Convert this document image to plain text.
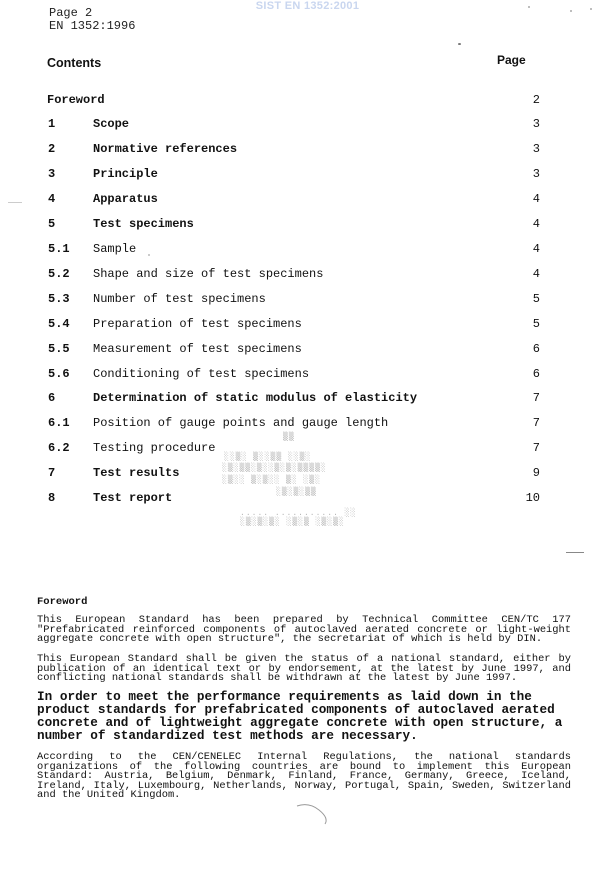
SIST EN 1352:2001
Page 2
EN 1352:1996
Contents	Page
Foreword	2
1	Scope	3
2	Normative references	3
3	Principle	3
4	Apparatus	4
5	Test specimens	4
5.1 Sample	4
5.2 Shape and size of test specimens	4
5.3 Number of test specimens	5
5.4 Preparation of test specimens	5
5.5 Measurement of test specimens	6
5.6 Conditioning of test specimens	6
6	Determination of static modulus of elasticity	7
6.1 Position of gauge points and gauge length	7
6.2 Testing procedure	7
7	Test results	9
8	Test report	10
░░▒░ ▒░░▒▒ ░░▒░
░▒░▒▒░▒░░▒░▒░▒▒▒▒░
░▒░░ ▒░▒░░ ▒░ ░▒░
░▒░▒░▒▒
..... ........... ░░
░▒░▒░▒░ ░▒░▒ ░▒░▒░
▒▒
Foreword
This European Standard has been prepared by Technical Committee CEN/TC 177 "Prefabricated reinforced components of autoclaved aerated concrete or light-weight aggregate concrete with open structure", the secretariat of which is held by DIN.
This European Standard shall be given the status of a national standard, either by publication of an identical text or by endorsement, at the latest by June 1997, and conflicting national standards shall be withdrawn at the latest by June 1997.
In order to meet the performance requirements as laid down in the product standards for prefabricated components of autoclaved aerated concrete and of lightweight aggregate concrete with open structure, a number of standardized test methods are necessary.
According to the CEN/CENELEC Internal Regulations, the national standards organizations of the following countries are bound to implement this European Standard: Austria, Belgium, Denmark, Finland, France, Germany, Greece, Iceland, Ireland, Italy, Luxembourg, Netherlands, Norway, Portugal, Spain, Sweden, Switzerland and the United Kingdom.
